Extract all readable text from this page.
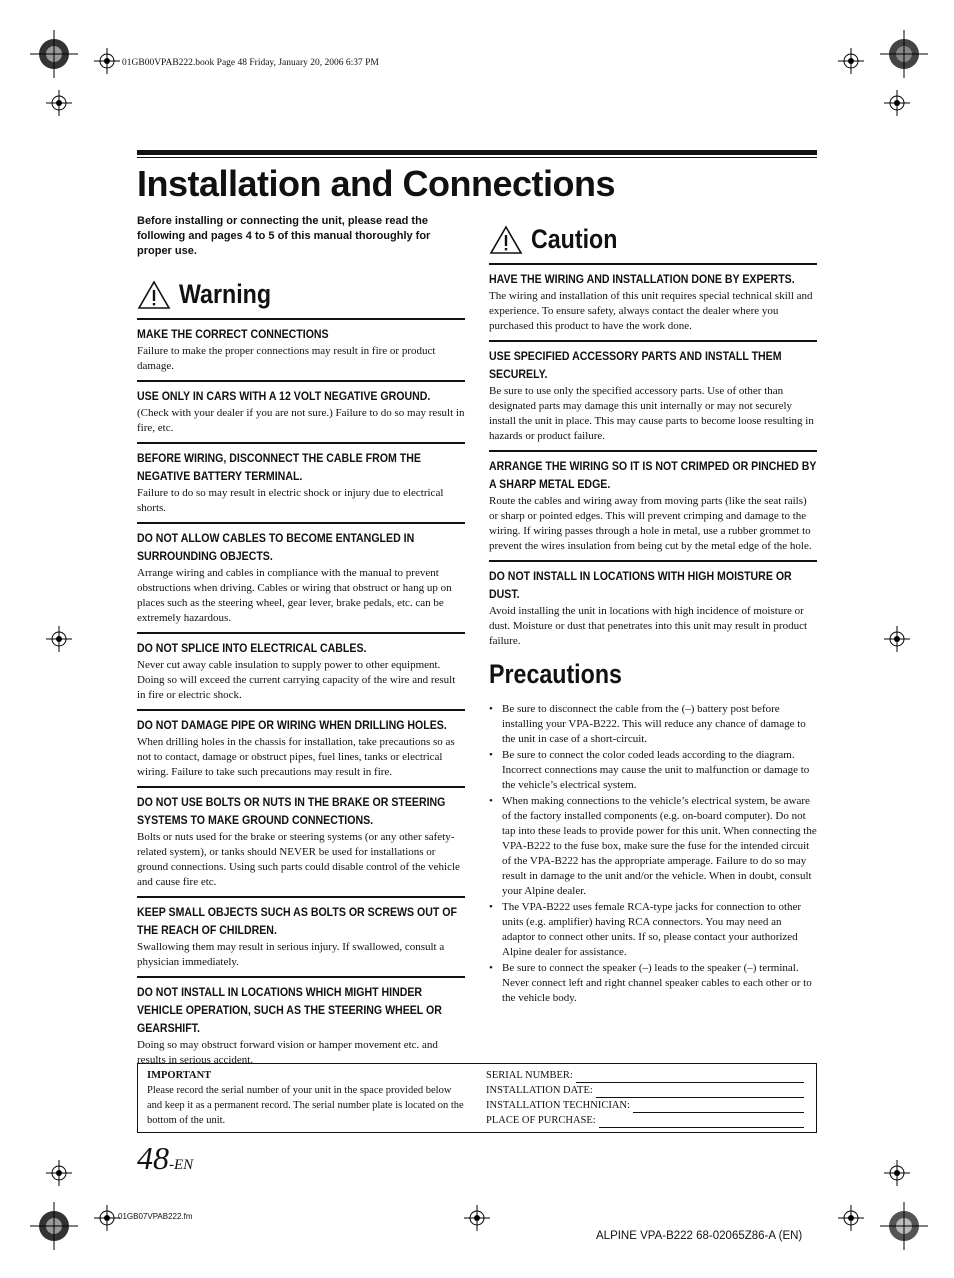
01GB00VPAB222.book Page 48 Friday, January 20, 2006 6:37 PM
Installation and Connections

Before installing or connecting the unit, please read the following and pages 4 to 5 of this manual thoroughly for proper use.

Warning
MAKE THE CORRECT CONNECTIONS
Failure to make the proper connections may result in fire or product damage.
USE ONLY IN CARS WITH A 12 VOLT NEGATIVE GROUND.
(Check with your dealer if you are not sure.) Failure to do so may result in fire, etc.
BEFORE WIRING, DISCONNECT THE CABLE FROM THE NEGATIVE BATTERY TERMINAL.
Failure to do so may result in electric shock or injury due to electrical shorts.
DO NOT ALLOW CABLES TO BECOME ENTANGLED IN SURROUNDING OBJECTS.
Arrange wiring and cables in compliance with the manual to prevent obstructions when driving. Cables or wiring that obstruct or hang up on places such as the steering wheel, gear lever, brake pedals, etc. can be extremely hazardous.
DO NOT SPLICE INTO ELECTRICAL CABLES.
Never cut away cable insulation to supply power to other equipment. Doing so will exceed the current carrying capacity of the wire and result in fire or electric shock.
DO NOT DAMAGE PIPE OR WIRING WHEN DRILLING HOLES.
When drilling holes in the chassis for installation, take precautions so as not to contact, damage or obstruct pipes, fuel lines, tanks or electrical wiring. Failure to take such precautions may result in fire.
DO NOT USE BOLTS OR NUTS IN THE BRAKE OR STEERING SYSTEMS TO MAKE GROUND CONNECTIONS.
Bolts or nuts used for the brake or steering systems (or any other safety-related system), or tanks should NEVER be used for installations or ground connections. Using such parts could disable control of the vehicle and cause fire etc.
KEEP SMALL OBJECTS SUCH AS BOLTS OR SCREWS OUT OF THE REACH OF CHILDREN.
Swallowing them may result in serious injury. If swallowed, consult a physician immediately.
DO NOT INSTALL IN LOCATIONS WHICH MIGHT HINDER VEHICLE OPERATION, SUCH AS THE STEERING WHEEL OR GEARSHIFT.
Doing so may obstruct forward vision or hamper movement etc. and results in serious accident.
Caution
HAVE THE WIRING AND INSTALLATION DONE BY EXPERTS.
The wiring and installation of this unit requires special technical skill and experience. To ensure safety, always contact the dealer where you purchased this product to have the work done.
USE SPECIFIED ACCESSORY PARTS AND INSTALL THEM SECURELY.
Be sure to use only the specified accessory parts. Use of other than designated parts may damage this unit internally or may not securely install the unit in place. This may cause parts to become loose resulting in hazards or product failure.
ARRANGE THE WIRING SO IT IS NOT CRIMPED OR PINCHED BY A SHARP METAL EDGE.
Route the cables and wiring away from moving parts (like the seat rails) or sharp or pointed edges. This will prevent crimping and damage to the wiring. If wiring passes through a hole in metal, use a rubber grommet to prevent the wires insulation from being cut by the metal edge of the hole.
DO NOT INSTALL IN LOCATIONS WITH HIGH MOISTURE OR DUST.
Avoid installing the unit in locations with high incidence of moisture or dust. Moisture or dust that penetrates into this unit may result in product failure.
Precautions
• Be sure to disconnect the cable from the (–) battery post before installing your VPA-B222. This will reduce any chance of damage to the unit in case of a short-circuit.
• Be sure to connect the color coded leads according to the diagram. Incorrect connections may cause the unit to malfunction or damage to the vehicle’s electrical system.
• When making connections to the vehicle’s electrical system, be aware of the factory installed components (e.g. on-board computer). Do not tap into these leads to provide power for this unit. When connecting the VPA-B222 to the fuse box, make sure the fuse for the intended circuit of the VPA-B222 has the appropriate amperage. Failure to do so may result in damage to the unit and/or the vehicle. When in doubt, consult your Alpine dealer.
• The VPA-B222 uses female RCA-type jacks for connection to other units (e.g. amplifier) having RCA connectors. You may need an adaptor to connect other units. If so, please contact your authorized Alpine dealer for assistance.
• Be sure to connect the speaker (–) leads to the speaker (–) terminal. Never connect left and right channel speaker cables to each other or to the vehicle body.
IMPORTANT
Please record the serial number of your unit in the space provided below and keep it as a permanent record. The serial number plate is located on the bottom of the unit.
SERIAL NUMBER:
INSTALLATION DATE:
INSTALLATION TECHNICIAN:
PLACE OF PURCHASE:
48-EN
01GB07VPAB222.fm
ALPINE VPA-B222 68-02065Z86-A (EN)
